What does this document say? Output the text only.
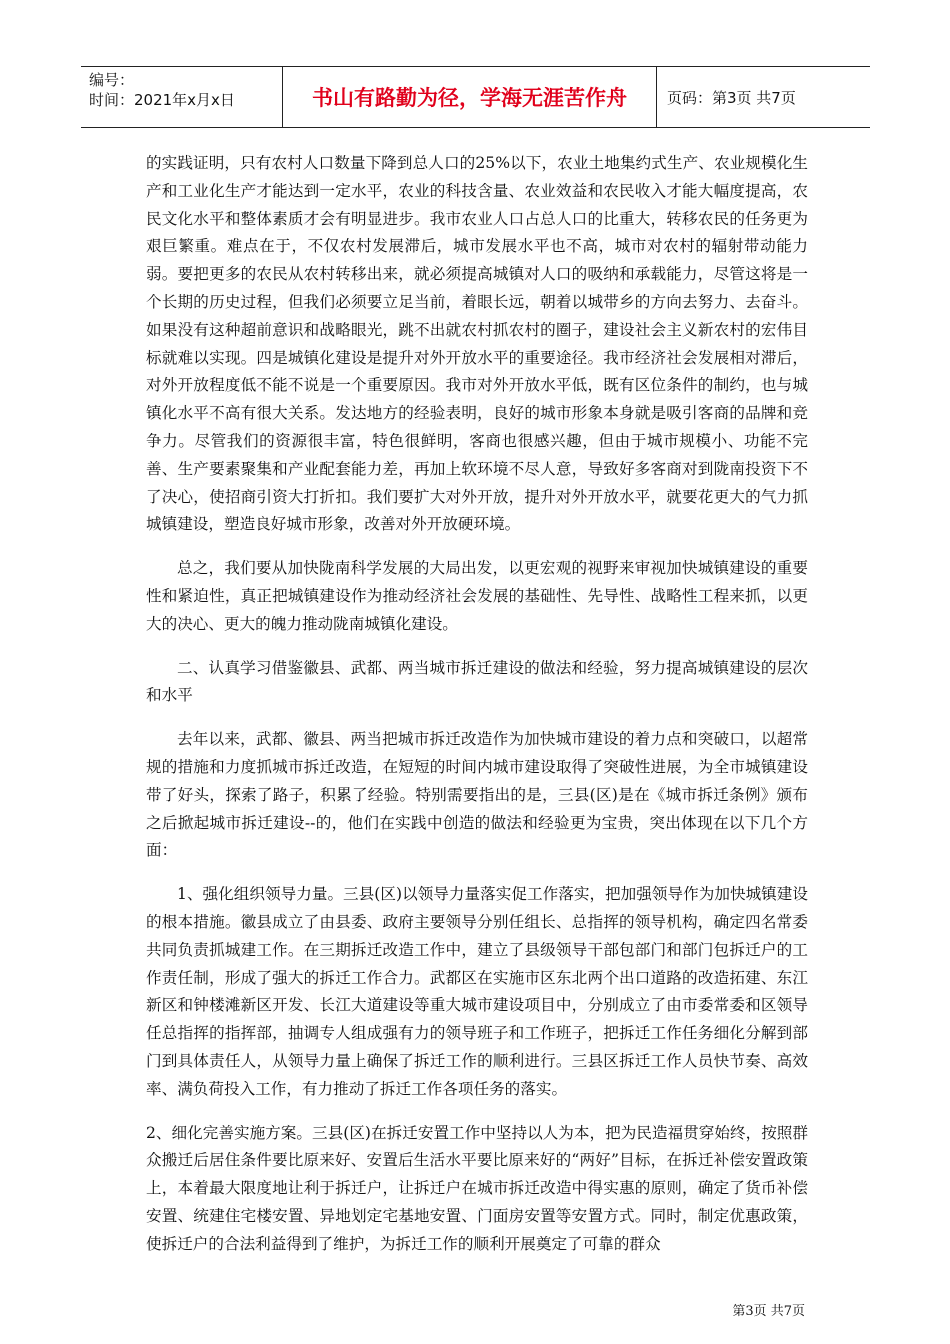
编号：
时间：2021年x月x日	书山有路勤为径，学海无涯苦作舟	页码：第3页 共7页

的实践证明，只有农村人口数量下降到总人口的25%以下，农业土地集约式生产、农业规模化生产和工业化生产才能达到一定水平，农业的科技含量、农业效益和农民收入才能大幅度提高，农民文化水平和整体素质才会有明显进步。我市农业人口占总人口的比重大，转移农民的任务更为艰巨繁重。难点在于，不仅农村发展滞后，城市发展水平也不高，城市对农村的辐射带动能力弱。要把更多的农民从农村转移出来，就必须提高城镇对人口的吸纳和承载能力，尽管这将是一个长期的历史过程，但我们必须要立足当前，着眼长远，朝着以城带乡的方向去努力、去奋斗。如果没有这种超前意识和战略眼光，跳不出就农村抓农村的圈子，建设社会主义新农村的宏伟目标就难以实现。四是城镇化建设是提升对外开放水平的重要途径。我市经济社会发展相对滞后，对外开放程度低不能不说是一个重要原因。我市对外开放水平低，既有区位条件的制约，也与城镇化水平不高有很大关系。发达地方的经验表明，良好的城市形象本身就是吸引客商的品牌和竞争力。尽管我们的资源很丰富，特色很鲜明，客商也很感兴趣，但由于城市规模小、功能不完善、生产要素聚集和产业配套能力差，再加上软环境不尽人意，导致好多客商对到陇南投资下不了决心，使招商引资大打折扣。我们要扩大对外开放，提升对外开放水平，就要花更大的气力抓城镇建设，塑造良好城市形象，改善对外开放硬环境。

总之，我们要从加快陇南科学发展的大局出发，以更宏观的视野来审视加快城镇建设的重要性和紧迫性，真正把城镇建设作为推动经济社会发展的基础性、先导性、战略性工程来抓，以更大的决心、更大的魄力推动陇南城镇化建设。

二、认真学习借鉴徽县、武都、两当城市拆迁建设的做法和经验，努力提高城镇建设的层次和水平

去年以来，武都、徽县、两当把城市拆迁改造作为加快城市建设的着力点和突破口，以超常规的措施和力度抓城市拆迁改造，在短短的时间内城市建设取得了突破性进展，为全市城镇建设带了好头，探索了路子，积累了经验。特别需要指出的是，三县(区)是在《城市拆迁条例》颁布之后掀起城市拆迁建设--的，他们在实践中创造的做法和经验更为宝贵，突出体现在以下几个方面：

1、强化组织领导力量。三县(区)以领导力量落实促工作落实，把加强领导作为加快城镇建设的根本措施。徽县成立了由县委、政府主要领导分别任组长、总指挥的领导机构，确定四名常委共同负责抓城建工作。在三期拆迁改造工作中，建立了县级领导干部包部门和部门包拆迁户的工作责任制，形成了强大的拆迁工作合力。武都区在实施市区东北两个出口道路的改造拓建、东江新区和钟楼滩新区开发、长江大道建设等重大城市建设项目中，分别成立了由市委常委和区领导任总指挥的指挥部，抽调专人组成强有力的领导班子和工作班子，把拆迁工作任务细化分解到部门到具体责任人，从领导力量上确保了拆迁工作的顺利进行。三县区拆迁工作人员快节奏、高效率、满负荷投入工作，有力推动了拆迁工作各项任务的落实。

2、细化完善实施方案。三县(区)在拆迁安置工作中坚持以人为本，把为民造福贯穿始终，按照群众搬迁后居住条件要比原来好、安置后生活水平要比原来好的“两好”目标，在拆迁补偿安置政策上，本着最大限度地让利于拆迁户，让拆迁户在城市拆迁改造中得实惠的原则，确定了货币补偿安置、统建住宅楼安置、异地划定宅基地安置、门面房安置等安置方式。同时，制定优惠政策，使拆迁户的合法利益得到了维护，为拆迁工作的顺利开展奠定了可靠的群众

第3页 共7页
